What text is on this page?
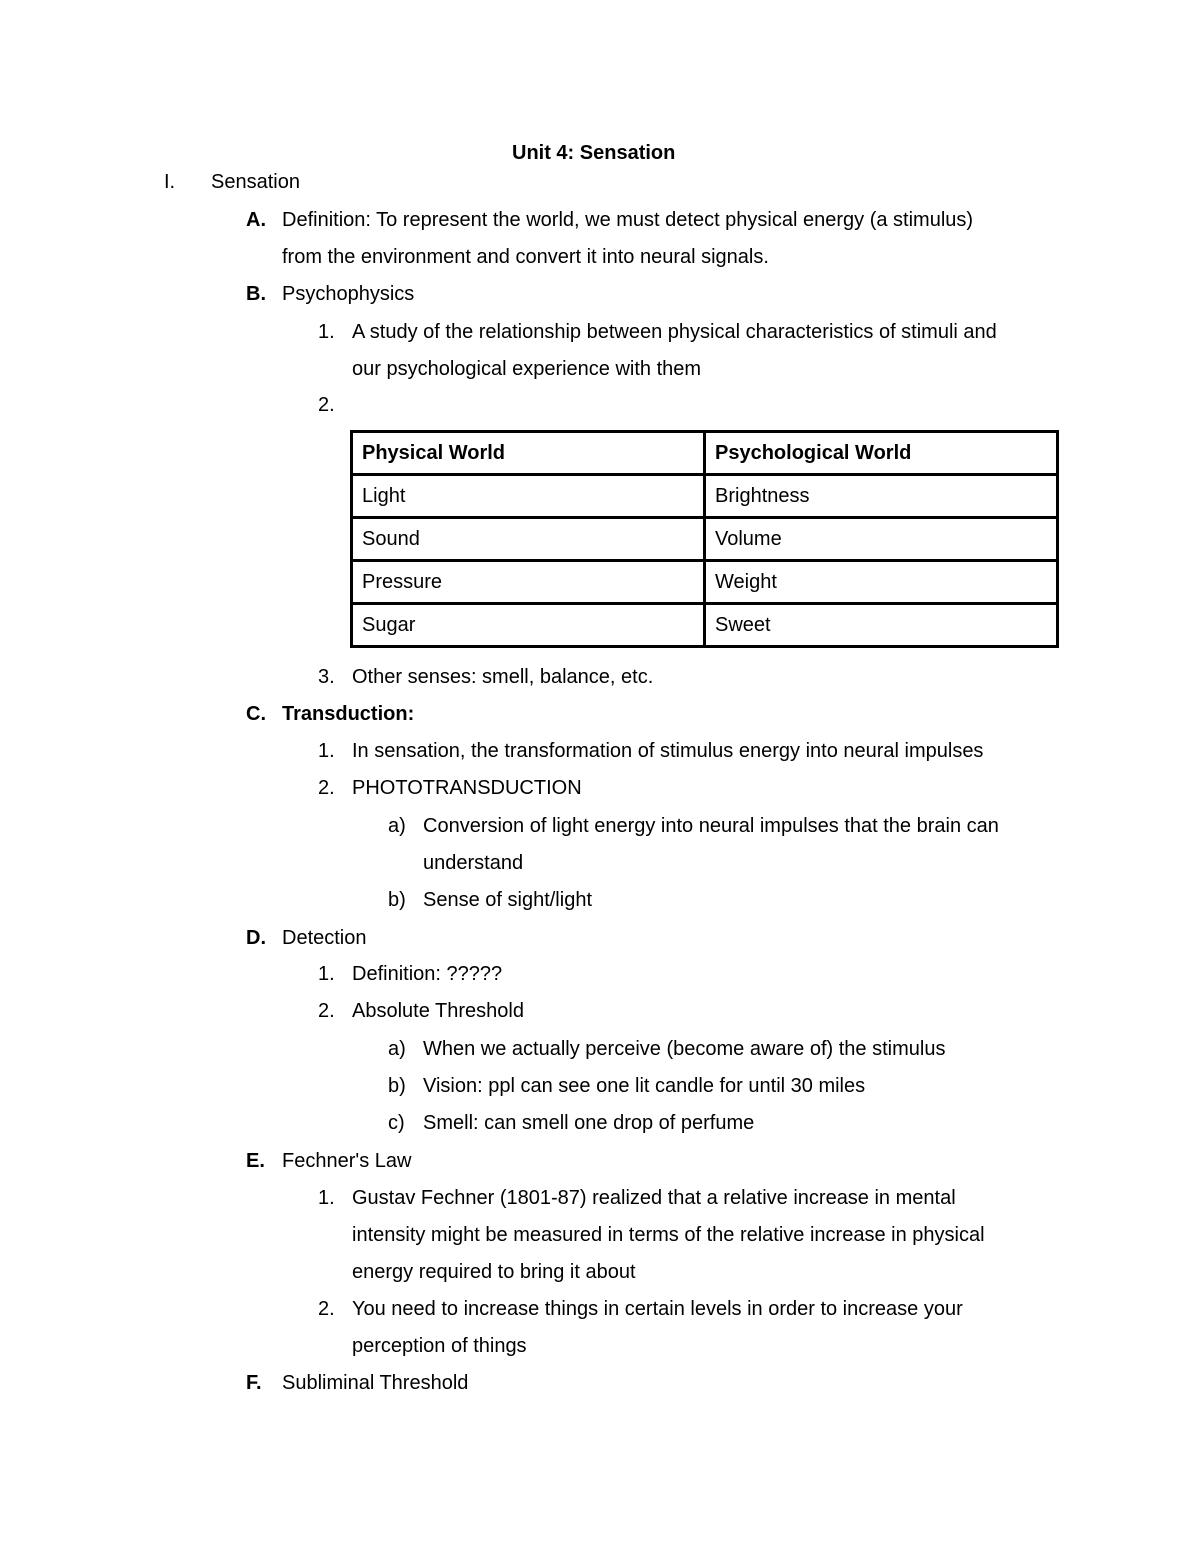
Unit 4: Sensation
I. Sensation
A. Definition: To represent the world, we must detect physical energy (a stimulus)
from the environment and convert it into neural signals.
B. Psychophysics
1. A study of the relationship between physical characteristics of stimuli and
our psychological experience with them
2.
Physical World	Psychological World
Light	Brightness
Sound	Volume
Pressure	Weight
Sugar	Sweet
3. Other senses: smell, balance, etc.
C. Transduction:
1. In sensation, the transformation of stimulus energy into neural impulses
2. PHOTOTRANSDUCTION
a) Conversion of light energy into neural impulses that the brain can
understand
b) Sense of sight/light
D. Detection
1. Definition: ?????
2. Absolute Threshold
a) When we actually perceive (become aware of) the stimulus
b) Vision: ppl can see one lit candle for until 30 miles
c) Smell: can smell one drop of perfume
E. Fechner's Law
1. Gustav Fechner (1801-87) realized that a relative increase in mental
intensity might be measured in terms of the relative increase in physical
energy required to bring it about
2. You need to increase things in certain levels in order to increase your
perception of things
F. Subliminal Threshold
